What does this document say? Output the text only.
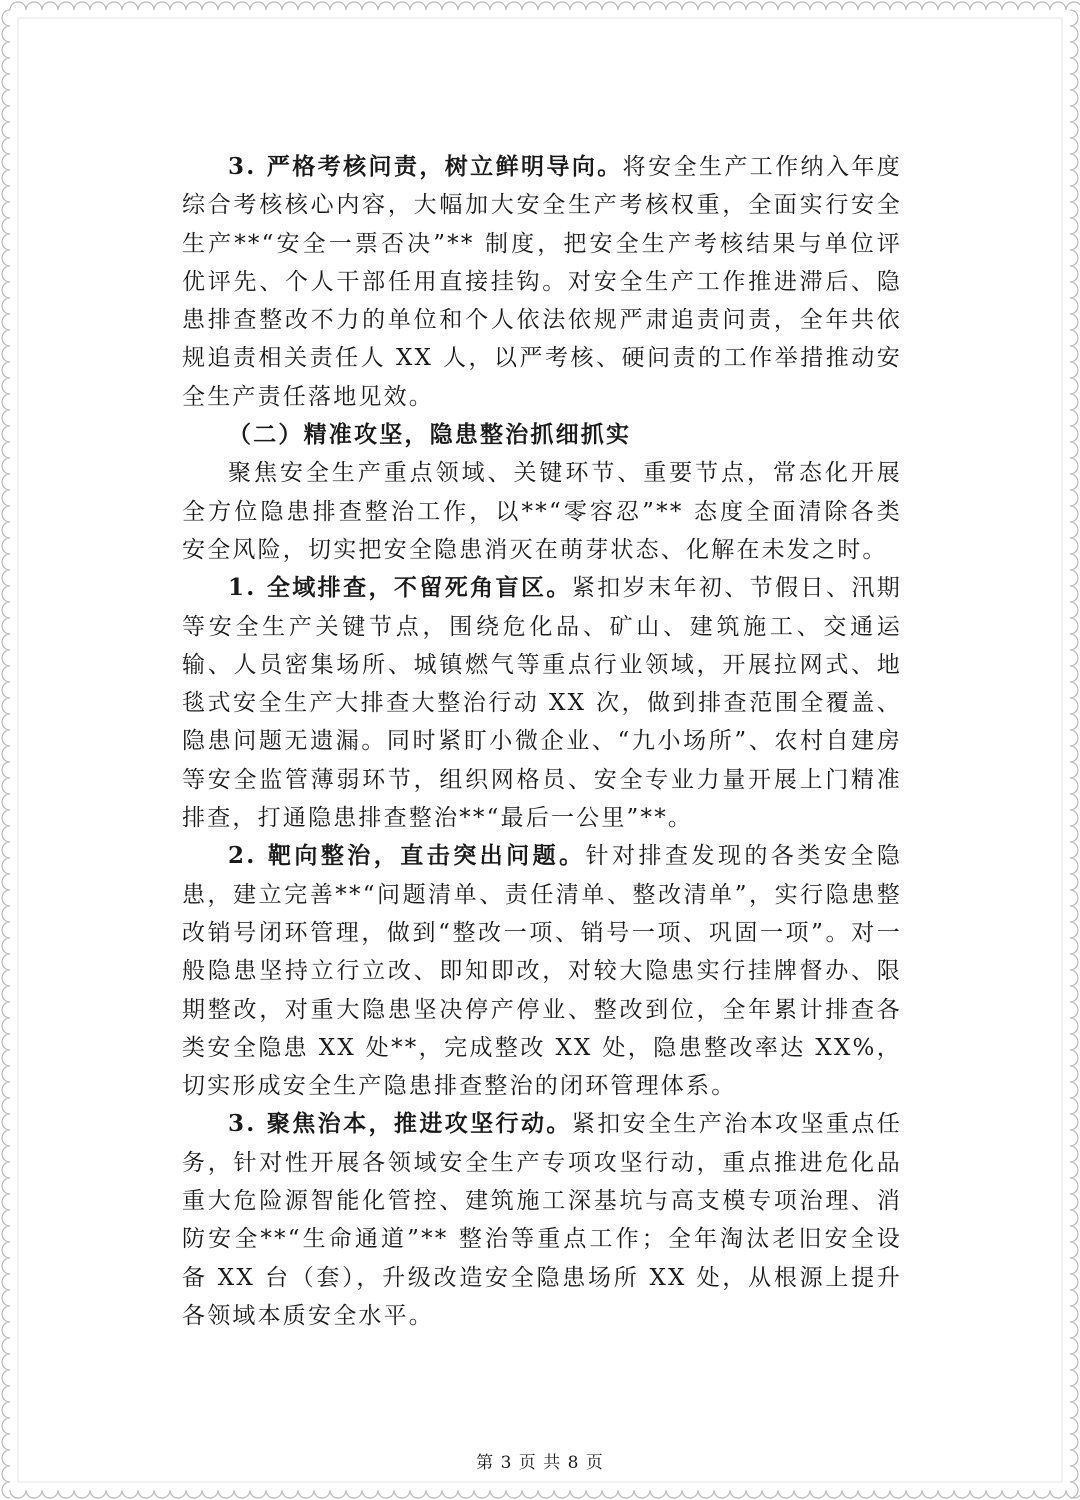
3. 严格考核问责，树立鲜明导向。将安全生产工作纳入年度综合考核核心内容，大幅加大安全生产考核权重，全面实行安全生产**“安全一票否决”** 制度，把安全生产考核结果与单位评优评先、个人干部任用直接挂钩。对安全生产工作推进滞后、隐患排查整改不力的单位和个人依法依规严肃追责问责，全年共依规追责相关责任人 XX 人，以严考核、硬问责的工作举措推动安全生产责任落地见效。

（二）精准攻坚，隐患整治抓细抓实

聚焦安全生产重点领域、关键环节、重要节点，常态化开展全方位隐患排查整治工作，以**“零容忍”** 态度全面清除各类安全风险，切实把安全隐患消灭在萌芽状态、化解在未发之时。

1. 全域排查，不留死角盲区。紧扣岁末年初、节假日、汛期等安全生产关键节点，围绕危化品、矿山、建筑施工、交通运输、人员密集场所、城镇燃气等重点行业领域，开展拉网式、地毯式安全生产大排查大整治行动 XX 次，做到排查范围全覆盖、隐患问题无遗漏。同时紧盯小微企业、“九小场所”、农村自建房等安全监管薄弱环节，组织网格员、安全专业力量开展上门精准排查，打通隐患排查整治**“最后一公里”**。

2. 靶向整治，直击突出问题。针对排查发现的各类安全隐患，建立完善**“问题清单、责任清单、整改清单”，实行隐患整改销号闭环管理，做到“整改一项、销号一项、巩固一项”。对一般隐患坚持立行立改、即知即改，对较大隐患实行挂牌督办、限期整改，对重大隐患坚决停产停业、整改到位，全年累计排查各类安全隐患 XX 处**，完成整改 XX 处，隐患整改率达 XX%，切实形成安全生产隐患排查整治的闭环管理体系。

3. 聚焦治本，推进攻坚行动。紧扣安全生产治本攻坚重点任务，针对性开展各领域安全生产专项攻坚行动，重点推进危化品重大危险源智能化管控、建筑施工深基坑与高支模专项治理、消防安全**“生命通道”** 整治等重点工作；全年淘汰老旧安全设备 XX 台（套），升级改造安全隐患场所 XX 处，从根源上提升各领域本质安全水平。

第 3 页 共 8 页
